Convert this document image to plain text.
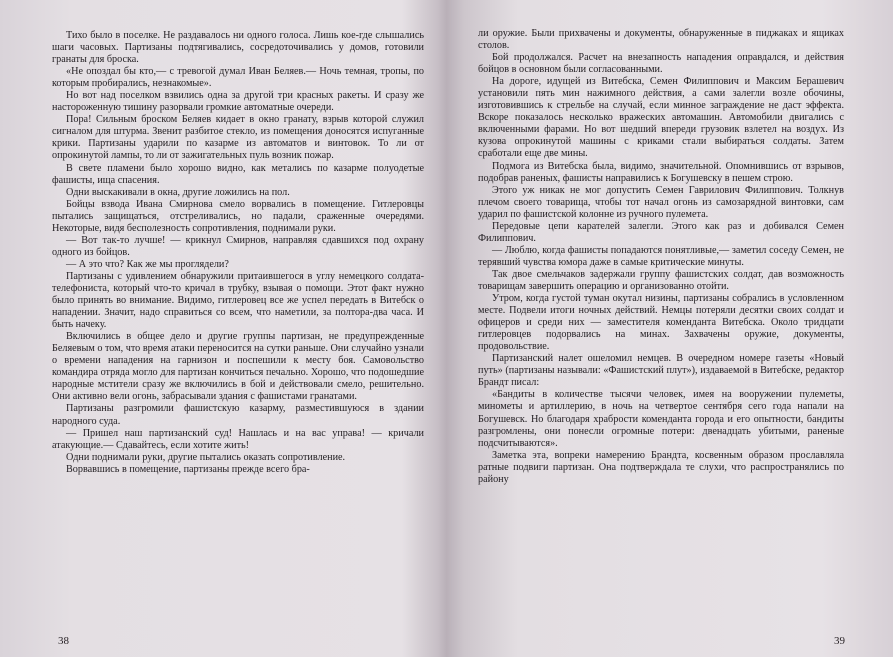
Тихо было в поселке. Не раздавалось ни одного голоса. Лишь кое-где слышались шаги часовых. Партизаны подтягивались, сосредоточивались у домов, готовили гранаты для броска.

«Не опоздал бы кто,— с тревогой думал Иван Беляев.— Ночь темная, тропы, по которым пробирались, незнакомые».

Но вот над поселком взвились одна за другой три красных ракеты. И сразу же настороженную тишину разорвали громкие автоматные очереди.

Пора! Сильным броском Беляев кидает в окно гранату, взрыв которой служил сигналом для штурма. Звенит разбитое стекло, из помещения доносятся испуганные крики. Партизаны ударили по казарме из автоматов и винтовок. То ли от опрокинутой лампы, то ли от зажигательных пуль возник пожар.

В свете пламени было хорошо видно, как метались по казарме полуодетые фашисты, ища спасения.

Одни выскакивали в окна, другие ложились на пол.

Бойцы взвода Ивана Смирнова смело ворвались в помещение. Гитлеровцы пытались защищаться, отстреливались, но падали, сраженные очередями. Некоторые, видя бесполезность сопротивления, поднимали руки.

— Вот так-то лучше! — крикнул Смирнов, направляя сдавшихся под охрану одного из бойцов.

— А это что? Как же мы проглядели?

Партизаны с удивлением обнаружили притаившегося в углу немецкого солдата-телефониста, который что-то кричал в трубку, взывая о помощи. Этот факт нужно было принять во внимание. Видимо, гитлеровец все же успел передать в Витебск о нападении. Значит, надо справиться со всем, что наметили, за полтора-два часа. И быть начеку.

Включились в общее дело и другие группы партизан, не предупрежденные Беляевым о том, что время атаки переносится на сутки раньше. Они случайно узнали о времени нападения на гарнизон и поспешили к месту боя. Самовольство командира отряда могло для партизан кончиться печально. Хорошо, что подошедшие народные мстители сразу же включились в бой и действовали смело, решительно. Они активно вели огонь, забрасывали здания с фашистами гранатами.

Партизаны разгромили фашистскую казарму, разместившуюся в здании народного суда.

— Пришел наш партизанский суд! Нашлась и на вас управа! — кричали атакующие.— Сдавайтесь, если хотите жить!

Одни поднимали руки, другие пытались оказать сопротивление.

Ворвавшись в помещение, партизаны прежде всего бра-

38

ли оружие. Были прихвачены и документы, обнаруженные в пиджаках и ящиках столов.

Бой продолжался. Расчет на внезапность нападения оправдался, и действия бойцов в основном были согласованными.

На дороге, идущей из Витебска, Семен Филиппович и Максим Берашевич установили пять мин нажимного действия, а сами залегли возле обочины, изготовившись к стрельбе на случай, если минное заграждение не даст эффекта. Вскоре показалось несколько вражеских автомашин. Автомобили двигались с включенными фарами. Но вот шедший впереди грузовик взлетел на воздух. Из кузова опрокинутой машины с криками стали выбираться солдаты. Затем сработали еще две мины.

Подмога из Витебска была, видимо, значительной. Опомнившись от взрывов, подобрав раненых, фашисты направились к Богушевску в пешем строю.

Этого уж никак не мог допустить Семен Гаврилович Филиппович. Толкнув плечом своего товарища, чтобы тот начал огонь из самозарядной винтовки, сам ударил по фашистской колонне из ручного пулемета.

Передовые цепи карателей залегли. Этого как раз и добивался Семен Филиппович.

— Люблю, когда фашисты попадаются понятливые,— заметил соседу Семен, не терявший чувства юмора даже в самые критические минуты.

Так двое смельчаков задержали группу фашистских солдат, дав возможность товарищам завершить операцию и организованно отойти.

Утром, когда густой туман окутал низины, партизаны собрались в условленном месте. Подвели итоги ночных действий. Немцы потеряли десятки своих солдат и офицеров и среди них — заместителя коменданта Витебска. Около тридцати гитлеровцев подорвались на минах. Захвачены оружие, документы, продовольствие.

Партизанский налет ошеломил немцев. В очередном номере газеты «Новый путь» (партизаны называли: «Фашистский плут»), издаваемой в Витебске, редактор Брандт писал:

«Бандиты в количестве тысячи человек, имея на вооружении пулеметы, минометы и артиллерию, в ночь на четвертое сентября сего года напали на Богушевск. Но благодаря храбрости коменданта города и его опытности, бандиты разгромлены, они понесли огромные потери: двенадцать убитыми, раненые подсчитываются».

Заметка эта, вопреки намерению Брандта, косвенным образом прославляла ратные подвиги партизан. Она подтверждала те слухи, что распространялись по району

39
